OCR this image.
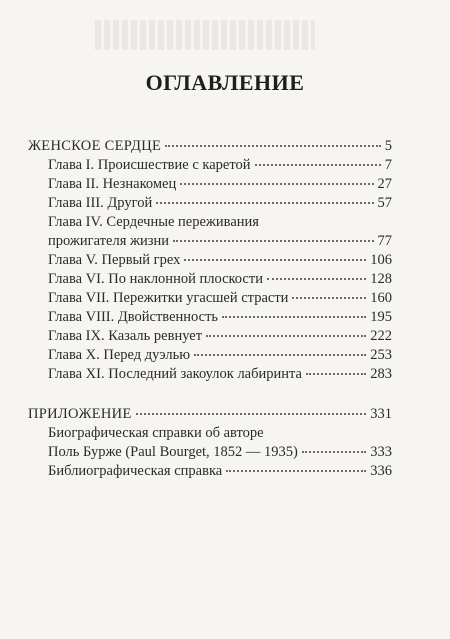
ОГЛАВЛЕНИЕ
ЖЕНСКОЕ СЕРДЦЕ	5
Глава I. Происшествие с каретой	7
Глава II. Незнакомец	27
Глава III. Другой	57
Глава IV. Сердечные переживания
прожигателя жизни	77
Глава V. Первый грех	106
Глава VI. По наклонной плоскости	128
Глава VII. Пережитки угасшей страсти	160
Глава VIII. Двойственность	195
Глава IX. Казаль ревнует	222
Глава X. Перед дуэлью	253
Глава XI. Последний закоулок лабиринта	283
ПРИЛОЖЕНИЕ	331
Биографическая справки об авторе
Поль Бурже (Paul Bourget, 1852 — 1935)	333
Библиографическая справка	336
